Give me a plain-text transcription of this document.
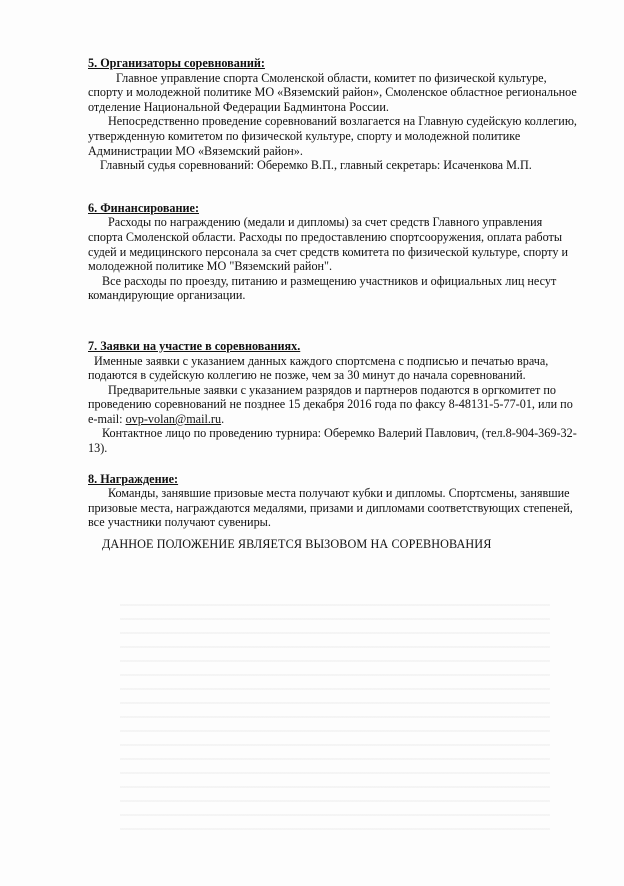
5. Организаторы соревнований:

Главное управление спорта Смоленской области, комитет по физической культуре, спорту и молодежной политике МО «Вяземский район», Смоленское областное региональное отделение Национальной Федерации Бадминтона России.

Непосредственно проведение соревнований возлагается на Главную судейскую коллегию, утвержденную комитетом по физической культуре, спорту и молодежной политике Администрации МО «Вяземский район».

Главный судья соревнований: Оберемко В.П., главный секретарь: Исаченкова М.П.

6. Финансирование:

Расходы по награждению (медали и дипломы) за счет средств Главного управления спорта Смоленской области. Расходы по предоставлению спортсооружения, оплата работы судей и медицинского персонала за счет средств комитета по физической культуре, спорту и молодежной политике МО "Вяземский район".

Все расходы по проезду, питанию и размещению участников и официальных лиц несут командирующие организации.

7. Заявки на участие в соревнованиях.

Именные заявки с указанием данных каждого спортсмена с подписью и печатью врача, подаются в судейскую коллегию не позже, чем за 30 минут до начала соревнований.

Предварительные заявки с указанием разрядов и партнеров подаются в оргкомитет по проведению соревнований не позднее 15 декабря 2016 года по факсу 8-48131-5-77-01, или по e-mail: ovp-volan@mail.ru.

Контактное лицо по проведению турнира: Оберемко Валерий Павлович, (тел.8-904-369-32-13).

8. Награждение:

Команды, занявшие призовые места получают кубки и дипломы. Спортсмены, занявшие призовые места, награждаются медалями, призами и дипломами соответствующих степеней, все участники получают сувениры.

ДАННОЕ ПОЛОЖЕНИЕ ЯВЛЯЕТСЯ ВЫЗОВОМ НА СОРЕВНОВАНИЯ
